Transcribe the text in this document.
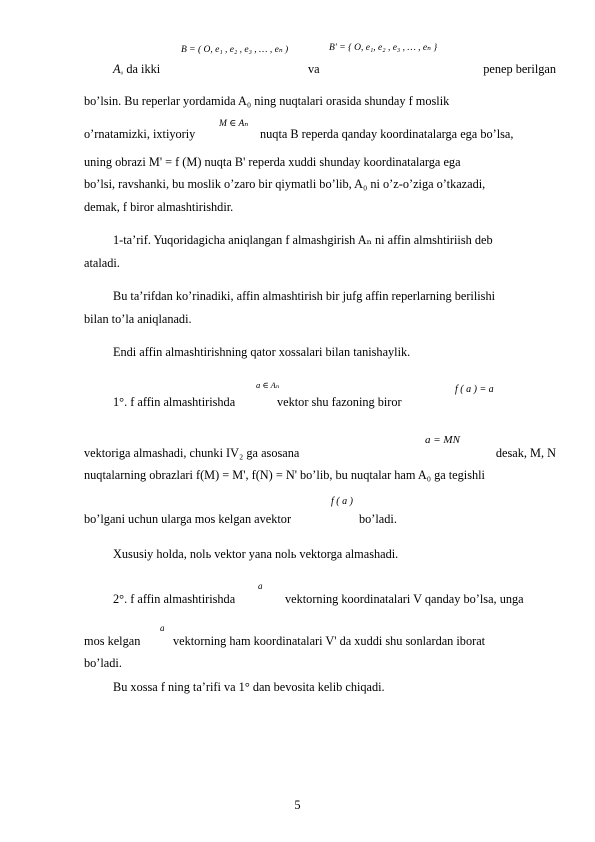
B = ( O, e₁ , e₂ , e₃ , … , eₙ )	B' = { O, e₁, e₂ , e₃ , … , eₙ }
M ∈ Aₙ
a ∈ Aₙ	f ( a ) = a
a = MN
f ( a )
a
a
A₀ da ikki	va	penep berilgan
bo’lsin. Bu reperlar yordamida A₀ ning nuqtalari orasida shunday f moslik
o’rnatamizki, ixtiyoriy	nuqta B reperda qanday koordinatalarga ega bo’lsa,
uning obrazi M' = f (M) nuqta B' reperda xuddi shunday koordinatalarga ega
bo’lsi, ravshanki, bu moslik o’zaro bir qiymatli bo’lib, A₀ ni o’z-o’ziga o’tkazadi,
demak, f biror almashtirishdir.
1-ta’rif. Yuqoridagicha aniqlangan f almashgirish Aₙ ni affin almshtiriish deb
ataladi.
Bu ta’rifdan ko’rinadiki, affin almashtirish bir jufg affin reperlarning berilishi
bilan to’la aniqlanadi.
Endi affin almashtirishning qator xossalari bilan tanishaylik.
1°. f affin almashtirishda	vektor shu fazoning biror
vektoriga almashadi, chunki IV₂ ga asosana	desak, M, N
nuqtalarning obrazlari f(M) = M', f(N) = N' bo’lib, bu nuqtalar ham A₀ ga tegishli
bo’lgani uchun ularga mos kelgan avektor	bo’ladi.
Xususiy holda, nolь vektor yana nolь vektorga almashadi.
2°. f affin almashtirishda	vektorning koordinatalari V qanday bo’lsa, unga
mos kelgan	vektorning ham koordinatalari V' da xuddi shu sonlardan iborat
bo’ladi.
Bu xossa f ning ta’rifi va 1° dan bevosita kelib chiqadi.
5
